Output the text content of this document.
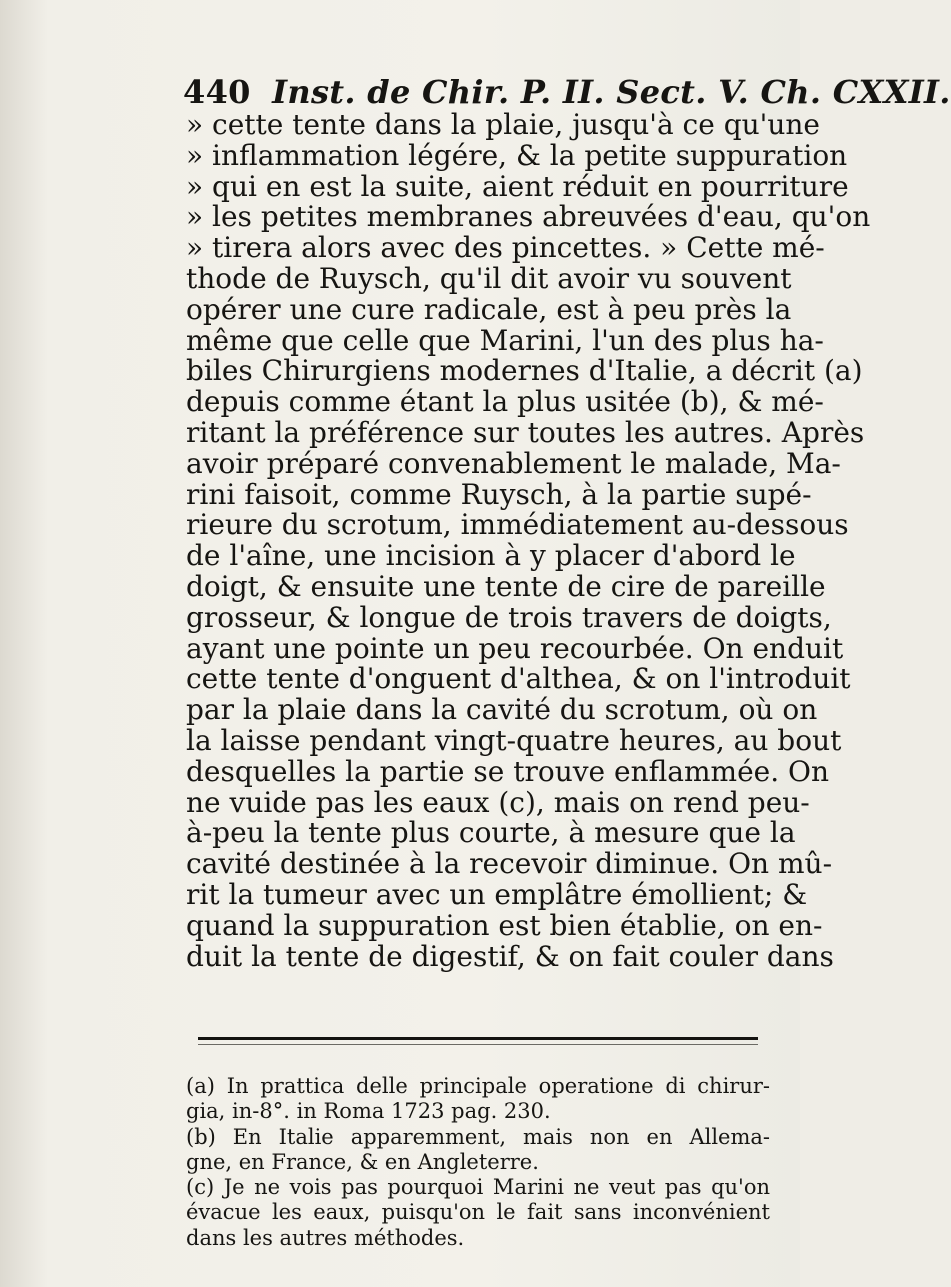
440 Inst. de Chir. P. II. Sect. V. Ch. CXXII.
» cette tente dans la plaie, jusqu'à ce qu'une
» inflammation légére, & la petite suppuration
» qui en est la suite, aient réduit en pourriture
» les petites membranes abreuvées d'eau, qu'on
» tirera alors avec des pincettes. » Cette mé-
thode de Ruysch, qu'il dit avoir vu souvent
opérer une cure radicale, est à peu près la
même que celle que Marini, l'un des plus ha-
biles Chirurgiens modernes d'Italie, a décrit (a)
depuis comme étant la plus usitée (b), & mé-
ritant la préférence sur toutes les autres. Après
avoir préparé convenablement le malade, Ma-
rini faisoit, comme Ruysch, à la partie supé-
rieure du scrotum, immédiatement au-dessous
de l'aîne, une incision à y placer d'abord le
doigt, & ensuite une tente de cire de pareille
grosseur, & longue de trois travers de doigts,
ayant une pointe un peu recourbée. On enduit
cette tente d'onguent d'althea, & on l'introduit
par la plaie dans la cavité du scrotum, où on
la laisse pendant vingt-quatre heures, au bout
desquelles la partie se trouve enflammée. On
ne vuide pas les eaux (c), mais on rend peu-
à-peu la tente plus courte, à mesure que la
cavité destinée à la recevoir diminue. On mû-
rit la tumeur avec un emplâtre émollient; &
quand la suppuration est bien établie, on en-
duit la tente de digestif, & on fait couler dans
(a) In prattica delle principale operatione di chirur-
gia, in-8°. in Roma 1723 pag. 230.
(b) En Italie apparemment, mais non en Allema-
gne, en France, & en Angleterre.
(c) Je ne vois pas pourquoi Marini ne veut pas qu'on
évacue les eaux, puisqu'on le fait sans inconvénient
dans les autres méthodes.
